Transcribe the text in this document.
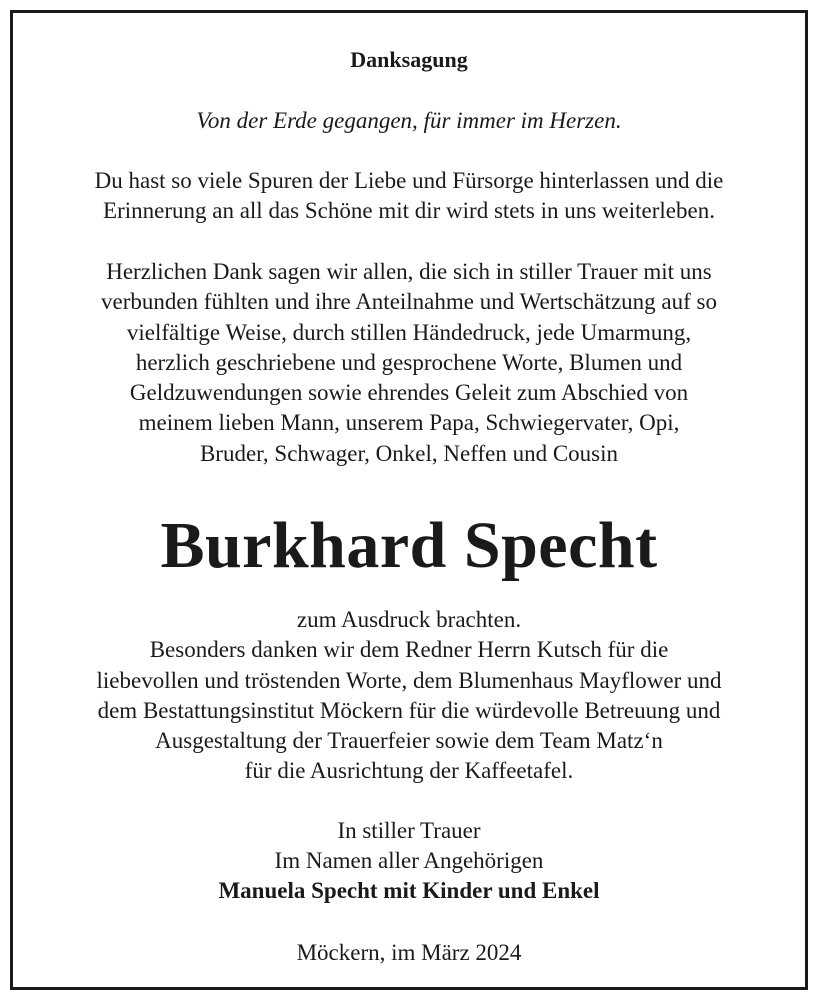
Danksagung

Von der Erde gegangen, für immer im Herzen.

Du hast so viele Spuren der Liebe und Fürsorge hinterlassen und die
Erinnerung an all das Schöne mit dir wird stets in uns weiterleben.

Herzlichen Dank sagen wir allen, die sich in stiller Trauer mit uns
verbunden fühlten und ihre Anteilnahme und Wertschätzung auf so
vielfältige Weise, durch stillen Händedruck, jede Umarmung,
herzlich geschriebene und gesprochene Worte, Blumen und
Geldzuwendungen sowie ehrendes Geleit zum Abschied von
meinem lieben Mann, unserem Papa, Schwiegervater, Opi,
Bruder, Schwager, Onkel, Neffen und Cousin

Burkhard Specht

zum Ausdruck brachten.
Besonders danken wir dem Redner Herrn Kutsch für die
liebevollen und tröstenden Worte, dem Blumenhaus Mayflower und
dem Bestattungsinstitut Möckern für die würdevolle Betreuung und
Ausgestaltung der Trauerfeier sowie dem Team Matz‘n
für die Ausrichtung der Kaffeetafel.

In stiller Trauer
Im Namen aller Angehörigen
Manuela Specht mit Kinder und Enkel

Möckern, im März 2024
